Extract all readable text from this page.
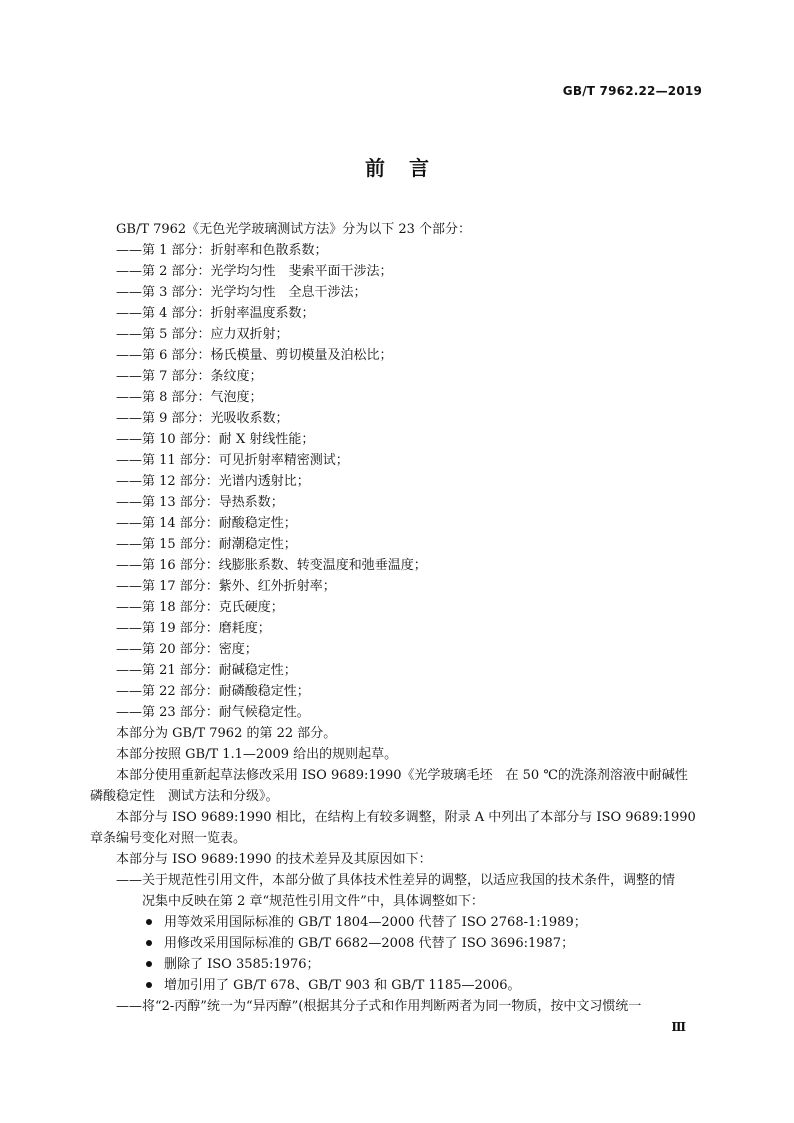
GB/T 7962.22—2019
前言
GB/T 7962《无色光学玻璃测试方法》分为以下 23 个部分：
——第 1 部分：折射率和色散系数；
——第 2 部分：光学均匀性　斐索平面干涉法；
——第 3 部分：光学均匀性　全息干涉法；
——第 4 部分：折射率温度系数；
——第 5 部分：应力双折射；
——第 6 部分：杨氏模量、剪切模量及泊松比；
——第 7 部分：条纹度；
——第 8 部分：气泡度；
——第 9 部分：光吸收系数；
——第 10 部分：耐 X 射线性能；
——第 11 部分：可见折射率精密测试；
——第 12 部分：光谱内透射比；
——第 13 部分：导热系数；
——第 14 部分：耐酸稳定性；
——第 15 部分：耐潮稳定性；
——第 16 部分：线膨胀系数、转变温度和弛垂温度；
——第 17 部分：紫外、红外折射率；
——第 18 部分：克氏硬度；
——第 19 部分：磨耗度；
——第 20 部分：密度；
——第 21 部分：耐碱稳定性；
——第 22 部分：耐磷酸稳定性；
——第 23 部分：耐气候稳定性。
本部分为 GB/T 7962 的第 22 部分。
本部分按照 GB/T 1.1—2009 给出的规则起草。
本部分使用重新起草法修改采用 ISO 9689:1990《光学玻璃毛坯　在 50 ℃的洗涤剂溶液中耐碱性
磷酸稳定性　测试方法和分级》。
本部分与 ISO 9689:1990 相比，在结构上有较多调整，附录 A 中列出了本部分与 ISO 9689:1990
章条编号变化对照一览表。
本部分与 ISO 9689:1990 的技术差异及其原因如下：
——关于规范性引用文件，本部分做了具体技术性差异的调整，以适应我国的技术条件，调整的情
况集中反映在第 2 章“规范性引用文件”中，具体调整如下：
用等效采用国际标准的 GB/T 1804—2000 代替了 ISO 2768-1:1989；
用修改采用国际标准的 GB/T 6682—2008 代替了 ISO 3696:1987；
删除了 ISO 3585:1976；
增加引用了 GB/T 678、GB/T 903 和 GB/T 1185—2006。
——将“2-丙醇”统一为“异丙醇”(根据其分子式和作用判断两者为同一物质，按中文习惯统一
Ⅲ
